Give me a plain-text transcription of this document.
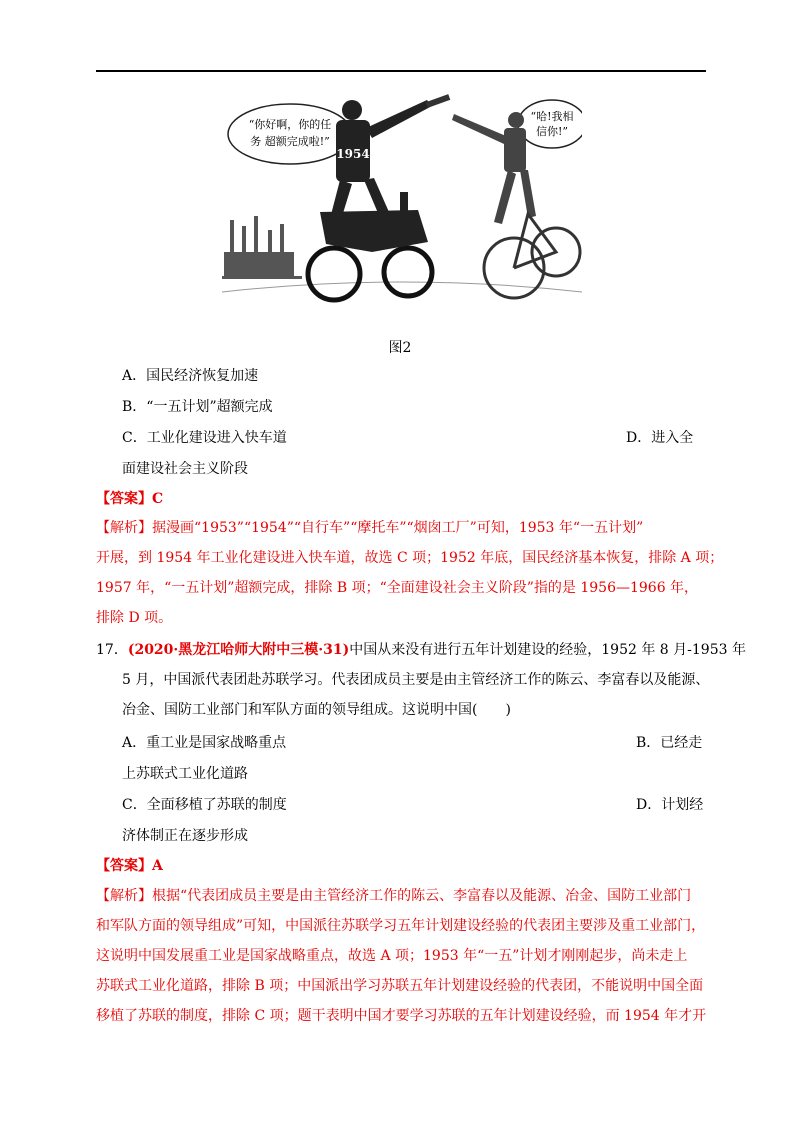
“你好啊，你的任
务 超额完成啦!”
“哈!我相
信你!”
1954
图2
A．国民经济恢复加速
B．“一五计划”超额完成
C．工业化建设进入快车道	D．进入全
面建设社会主义阶段
【答案】C
【解析】据漫画“1953”“1954”“自行车”“摩托车”“烟囱工厂”可知，1953 年“一五计划”
开展，到 1954 年工业化建设进入快车道，故选 C 项；1952 年底，国民经济基本恢复，排除 A 项；
1957 年，“一五计划”超额完成，排除 B 项；“全面建设社会主义阶段”指的是 1956—1966 年，
排除 D 项。
17．(2020·黑龙江哈师大附中三模·31)中国从来没有进行五年计划建设的经验，1952 年 8 月-1953 年
5 月，中国派代表团赴苏联学习。代表团成员主要是由主管经济工作的陈云、李富春以及能源、
冶金、国防工业部门和军队方面的领导组成。这说明中国(　　)
A．重工业是国家战略重点	B．已经走
上苏联式工业化道路
C．全面移植了苏联的制度	D．计划经
济体制正在逐步形成
【答案】A
【解析】根据“代表团成员主要是由主管经济工作的陈云、李富春以及能源、冶金、国防工业部门
和军队方面的领导组成”可知，中国派往苏联学习五年计划建设经验的代表团主要涉及重工业部门，
这说明中国发展重工业是国家战略重点，故选 A 项；1953 年“一五”计划才刚刚起步，尚未走上
苏联式工业化道路，排除 B 项；中国派出学习苏联五年计划建设经验的代表团，不能说明中国全面
移植了苏联的制度，排除 C 项；题干表明中国才要学习苏联的五年计划建设经验，而 1954 年才开
